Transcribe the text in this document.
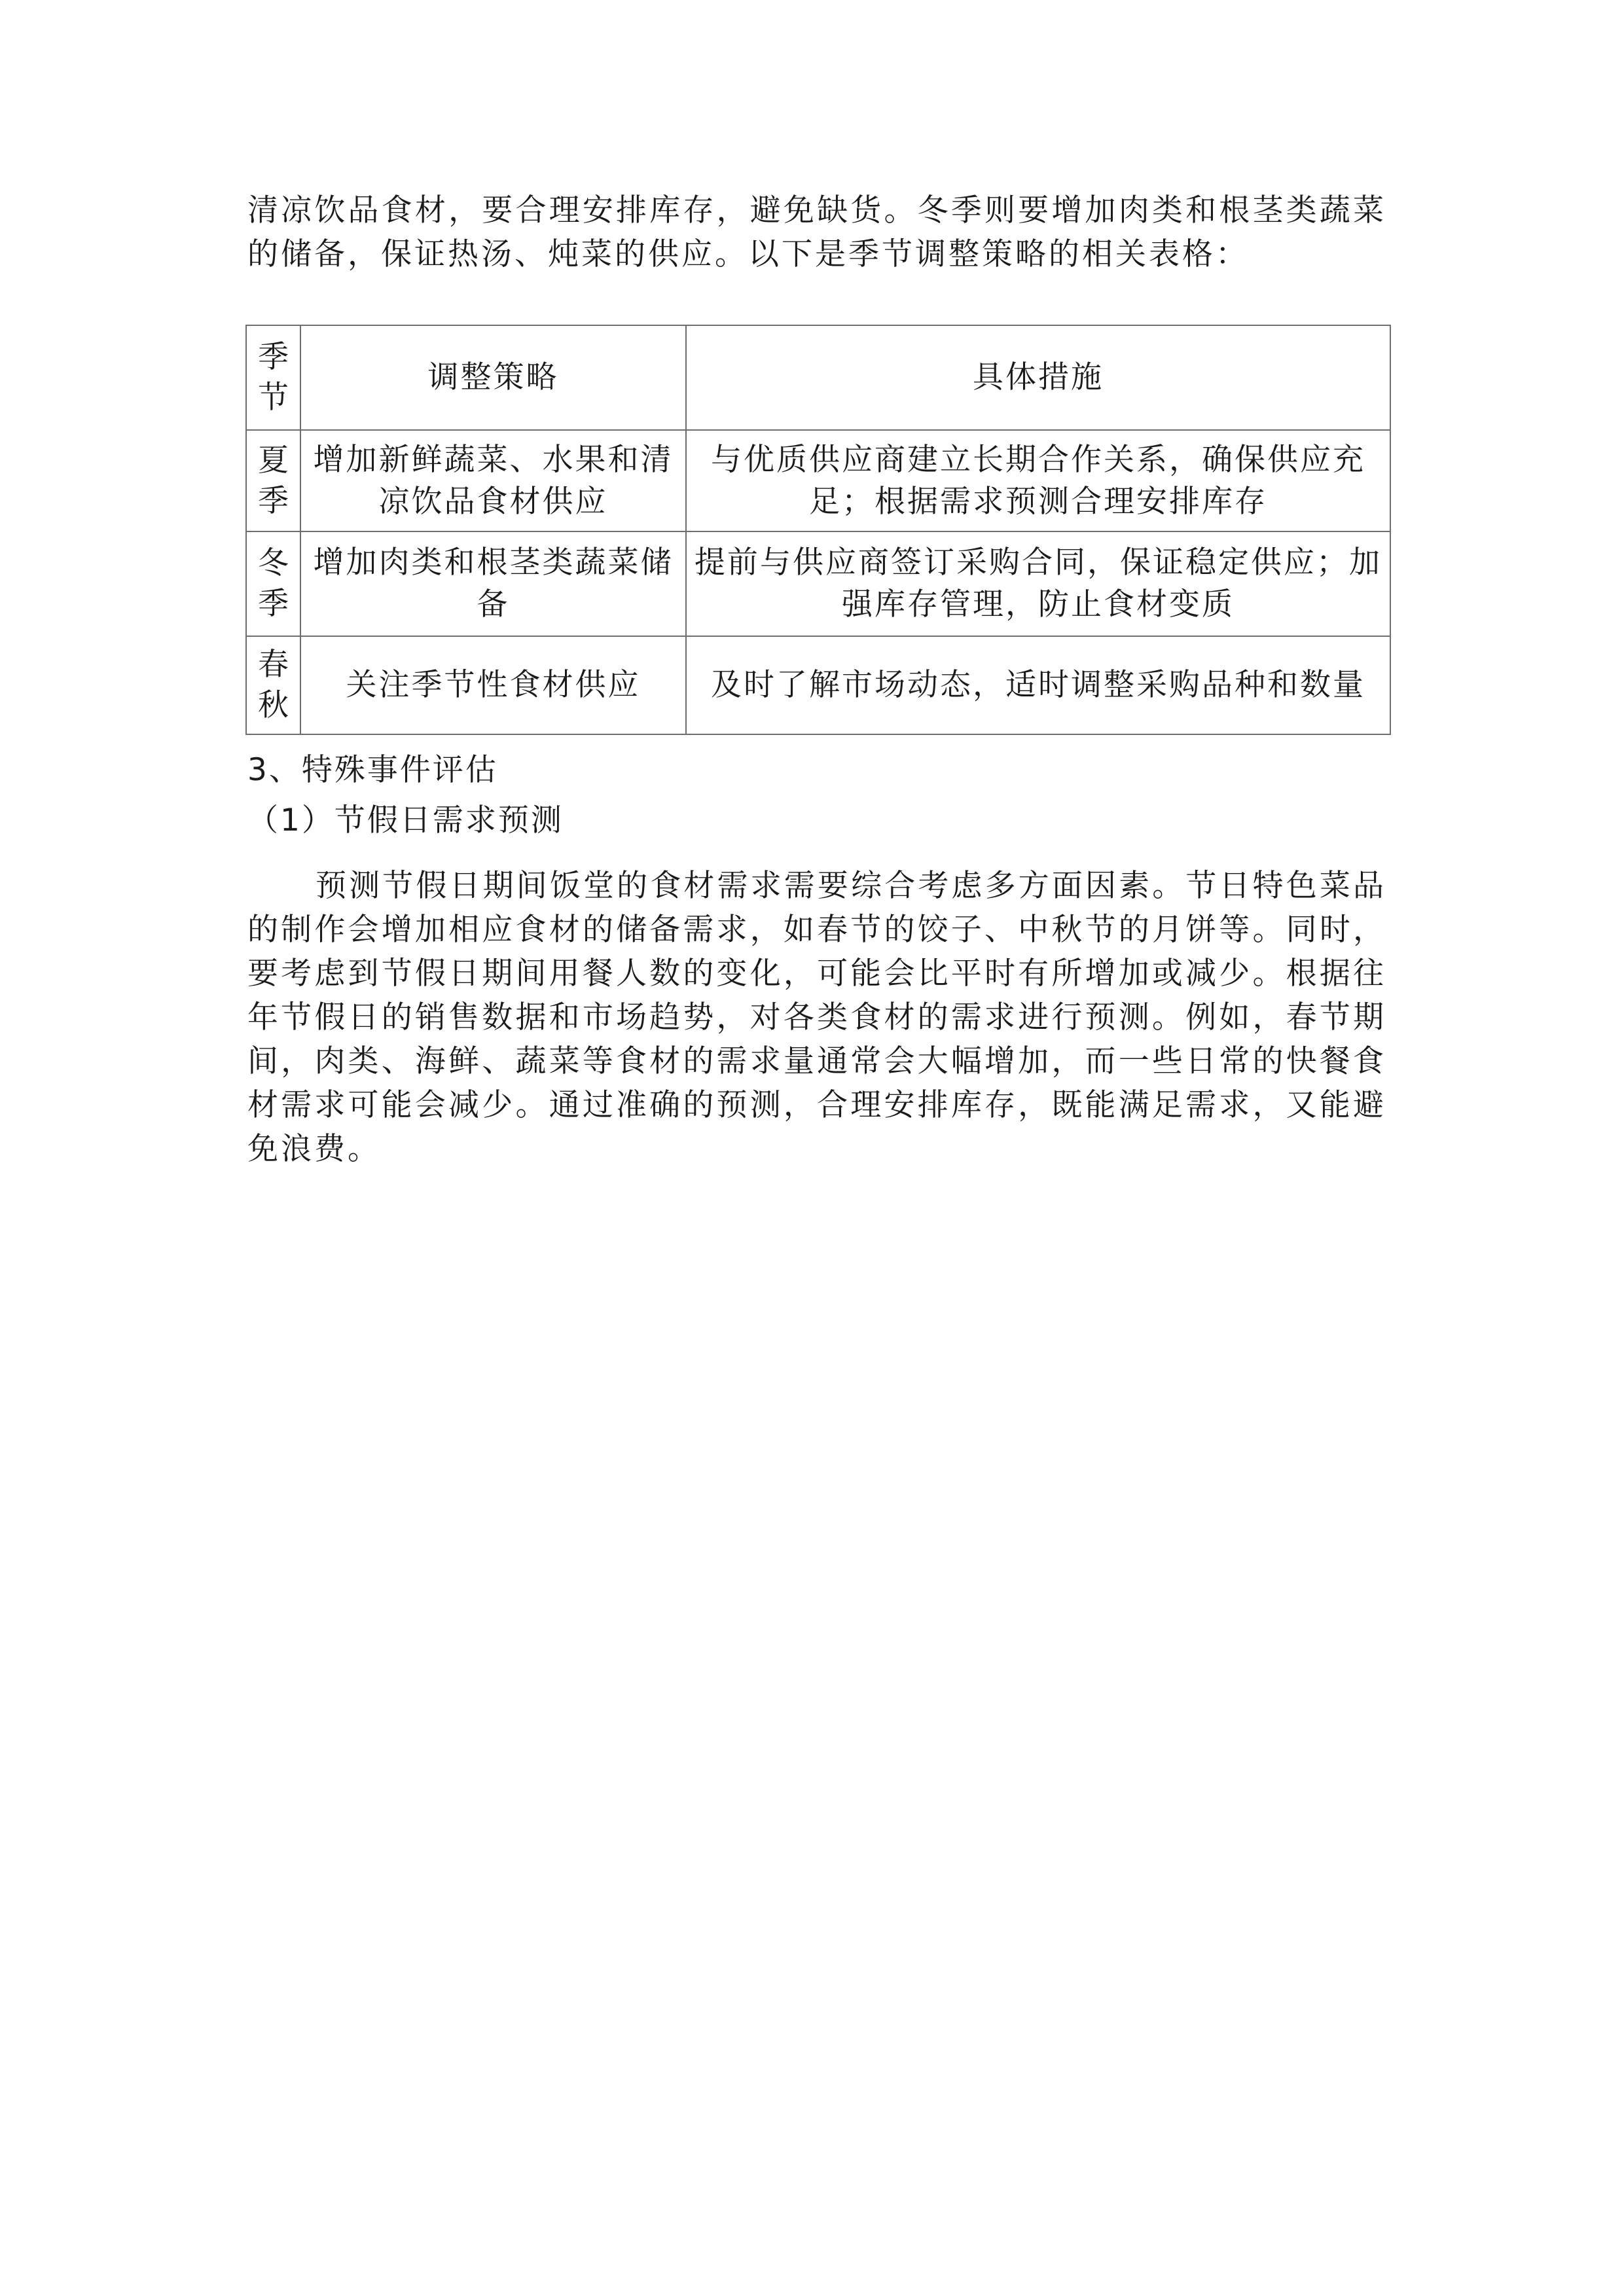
清凉饮品食材，要合理安排库存，避免缺货。冬季则要增加肉类和根茎类蔬菜的储备，保证热汤、炖菜的供应。以下是季节调整策略的相关表格：

季
节	调整策略	具体措施

夏
季	增加新鲜蔬菜、水果和清凉饮品食材供应	与优质供应商建立长期合作关系，确保供应充足；根据需求预测合理安排库存

冬
季	增加肉类和根茎类蔬菜储备	提前与供应商签订采购合同，保证稳定供应；加强库存管理，防止食材变质

春
秋	关注季节性食材供应	及时了解市场动态，适时调整采购品种和数量

3、特殊事件评估

（1）节假日需求预测

预测节假日期间饭堂的食材需求需要综合考虑多方面因素。节日特色菜品的制作会增加相应食材的储备需求，如春节的饺子、中秋节的月饼等。同时，要考虑到节假日期间用餐人数的变化，可能会比平时有所增加或减少。根据往年节假日的销售数据和市场趋势，对各类食材的需求进行预测。例如，春节期间，肉类、海鲜、蔬菜等食材的需求量通常会大幅增加，而一些日常的快餐食材需求可能会减少。通过准确的预测，合理安排库存，既能满足需求，又能避免浪费。
